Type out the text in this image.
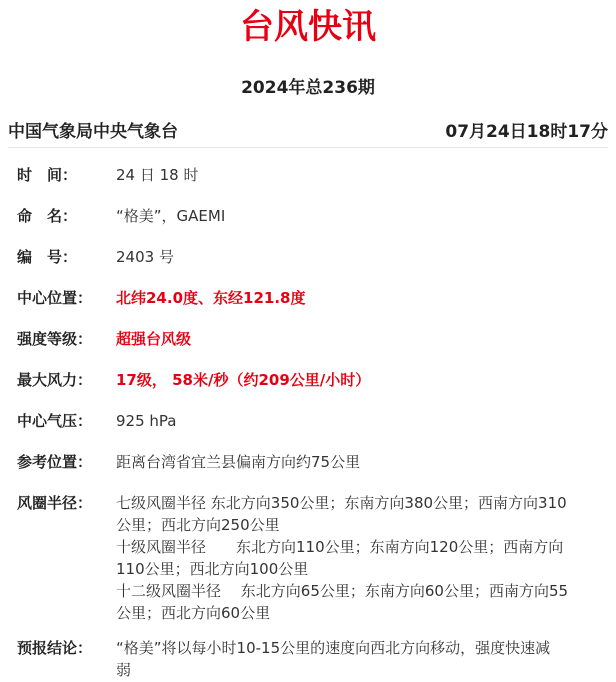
台风快讯
2024年总236期
中国气象局中央气象台	07月24日18时17分
时　间：	24 日 18 时
命　名：	“格美”，GAEMI
编　号：	2403 号
中心位置： 北纬24.0度、东经121.8度
强度等级： 超强台风级
最大风力： 17级， 58米/秒（约209公里/小时）
中心气压： 925 hPa
参考位置： 距离台湾省宜兰县偏南方向约75公里
风圈半径： 七级风圈半径 东北方向350公里；东南方向380公里；西南方向310
公里；西北方向250公里
十级风圈半径　　东北方向110公里；东南方向120公里；西南方向
110公里；西北方向100公里
十二级风圈半径　 东北方向65公里；东南方向60公里；西南方向55
公里；西北方向60公里
预报结论： “格美”将以每小时10-15公里的速度向西北方向移动，强度快速减
弱
